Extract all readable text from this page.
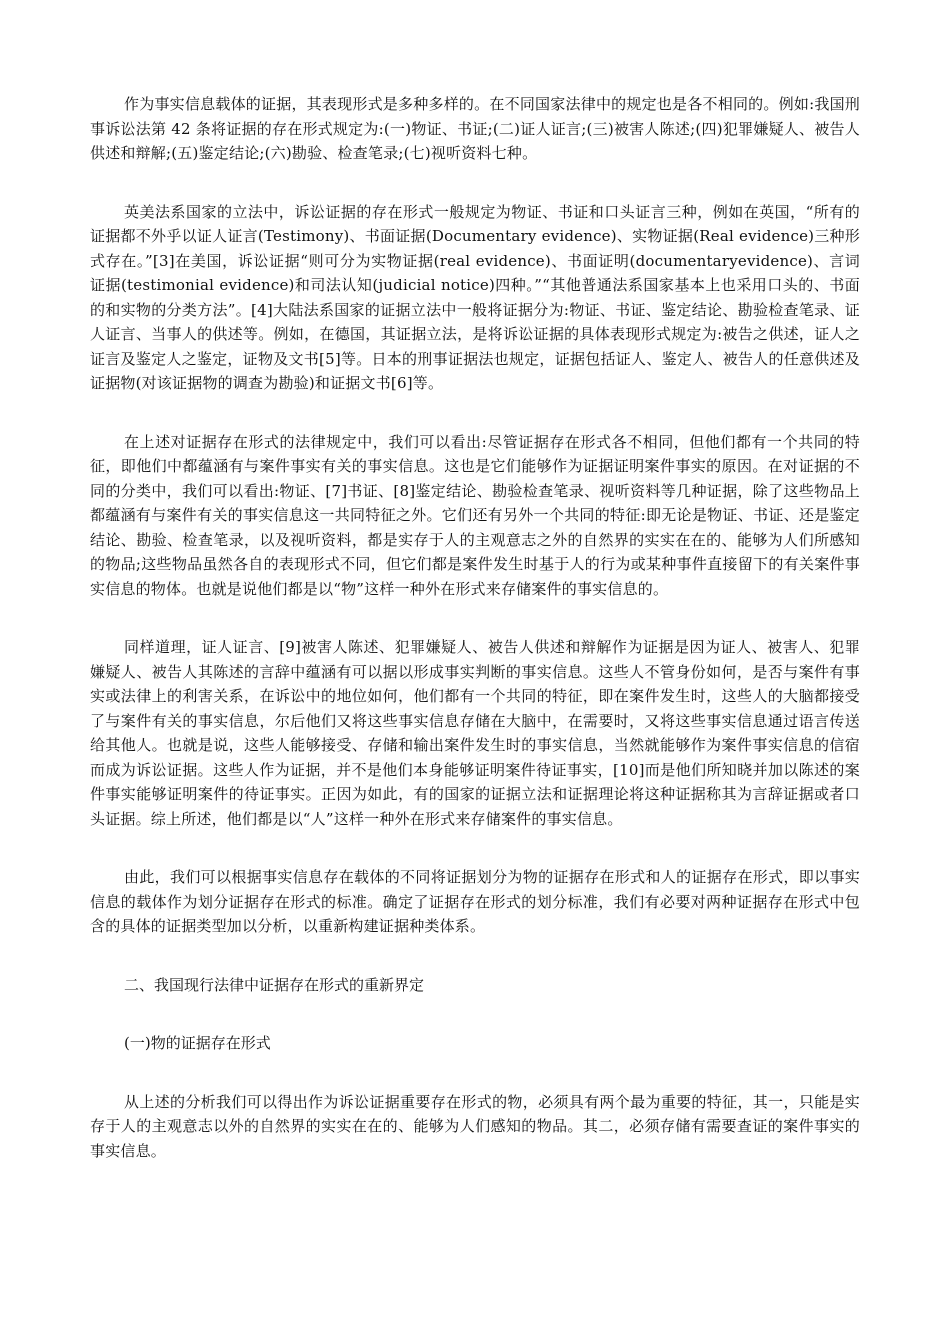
作为事实信息载体的证据，其表现形式是多种多样的。在不同国家法律中的规定也是各不相同的。例如:我国刑事诉讼法第 42 条将证据的存在形式规定为:(一)物证、书证;(二)证人证言;(三)被害人陈述;(四)犯罪嫌疑人、被告人供述和辩解;(五)鉴定结论;(六)勘验、检查笔录;(七)视听资料七种。

英美法系国家的立法中，诉讼证据的存在形式一般规定为物证、书证和口头证言三种，例如在英国，“所有的证据都不外乎以证人证言(Testimony)、书面证据(Documentary evidence)、实物证据(Real evidence)三种形式存在。”[3]在美国，诉讼证据“则可分为实物证据(real evidence)、书面证明(documentaryevidence)、言词证据(testimonial evidence)和司法认知(judicial notice)四种。”“其他普通法系国家基本上也采用口头的、书面的和实物的分类方法”。[4]大陆法系国家的证据立法中一般将证据分为:物证、书证、鉴定结论、勘验检查笔录、证人证言、当事人的供述等。例如，在德国，其证据立法，是将诉讼证据的具体表现形式规定为:被告之供述，证人之证言及鉴定人之鉴定，证物及文书[5]等。日本的刑事证据法也规定，证据包括证人、鉴定人、被告人的任意供述及证据物(对该证据物的调查为勘验)和证据文书[6]等。

在上述对证据存在形式的法律规定中，我们可以看出:尽管证据存在形式各不相同，但他们都有一个共同的特征，即他们中都蕴涵有与案件事实有关的事实信息。这也是它们能够作为证据证明案件事实的原因。在对证据的不同的分类中，我们可以看出:物证、[7]书证、[8]鉴定结论、勘验检查笔录、视听资料等几种证据，除了这些物品上都蕴涵有与案件有关的事实信息这一共同特征之外。它们还有另外一个共同的特征:即无论是物证、书证、还是鉴定结论、勘验、检查笔录，以及视听资料，都是实存于人的主观意志之外的自然界的实实在在的、能够为人们所感知的物品;这些物品虽然各自的表现形式不同，但它们都是案件发生时基于人的行为或某种事件直接留下的有关案件事实信息的物体。也就是说他们都是以“物”这样一种外在形式来存储案件的事实信息的。

同样道理，证人证言、[9]被害人陈述、犯罪嫌疑人、被告人供述和辩解作为证据是因为证人、被害人、犯罪嫌疑人、被告人其陈述的言辞中蕴涵有可以据以形成事实判断的事实信息。这些人不管身份如何，是否与案件有事实或法律上的利害关系，在诉讼中的地位如何，他们都有一个共同的特征，即在案件发生时，这些人的大脑都接受了与案件有关的事实信息，尔后他们又将这些事实信息存储在大脑中，在需要时，又将这些事实信息通过语言传送给其他人。也就是说，这些人能够接受、存储和输出案件发生时的事实信息，当然就能够作为案件事实信息的信宿而成为诉讼证据。这些人作为证据，并不是他们本身能够证明案件待证事实，[10]而是他们所知晓并加以陈述的案件事实能够证明案件的待证事实。正因为如此，有的国家的证据立法和证据理论将这种证据称其为言辞证据或者口头证据。综上所述，他们都是以“人”这样一种外在形式来存储案件的事实信息。

由此，我们可以根据事实信息存在载体的不同将证据划分为物的证据存在形式和人的证据存在形式，即以事实信息的载体作为划分证据存在形式的标准。确定了证据存在形式的划分标准，我们有必要对两种证据存在形式中包含的具体的证据类型加以分析，以重新构建证据种类体系。

二、我国现行法律中证据存在形式的重新界定

(一)物的证据存在形式

从上述的分析我们可以得出作为诉讼证据重要存在形式的物，必须具有两个最为重要的特征，其一，只能是实存于人的主观意志以外的自然界的实实在在的、能够为人们感知的物品。其二，必须存储有需要查证的案件事实的事实信息。
